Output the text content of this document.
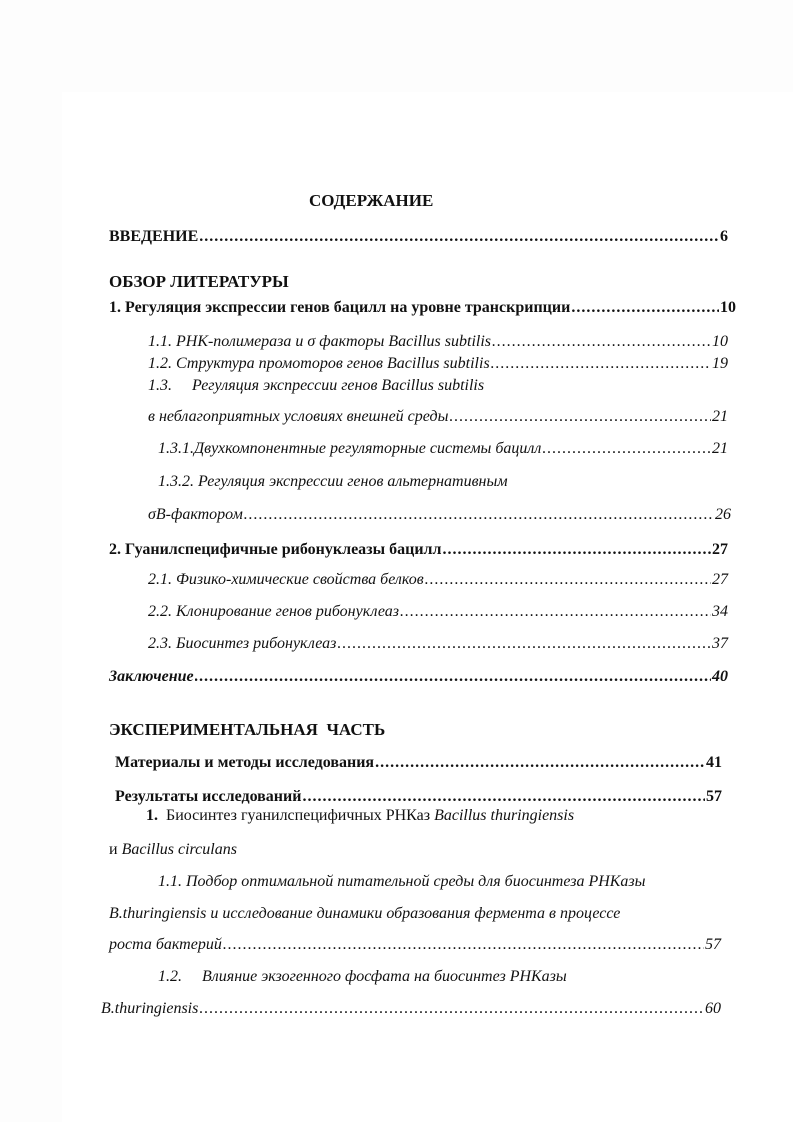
СОДЕРЖАНИЕ
ВВЕДЕНИЕ .....	6
ОБЗОР ЛИТЕРАТУРЫ
1. Регуляция экспрессии генов бацилл на уровне транскрипции .....	10
1.1. РНК-полимераза и σ факторы Bacillus subtilis .....	10
1.2. Структура промоторов генов Bacillus subtilis .....	19
1.3.     Регуляция экспрессии генов Bacillus subtilis
в неблагоприятных условиях внешней среды .....	21
1.3.1.Двухкомпонентные регуляторные системы бацилл .....	21
1.3.2. Регуляция экспрессии генов альтернативным
σB-фактором .....	26
2. Гуанилспецифичные рибонуклеазы бацилл .....	27
2.1. Физико-химические свойства белков .....	27
2.2. Клонирование генов рибонуклеаз .....	34
2.3. Биосинтез рибонуклеаз .....	37
Заключение .....	40
ЭКСПЕРИМЕНТАЛЬНАЯ  ЧАСТЬ
Материалы и методы исследования .....	41
Результаты исследований .....	57
1. Биосинтез гуанилспецифичных РНКаз Bacillus thuringiensis
и Bacillus circulans
1.1. Подбор оптимальной питательной среды для биосинтеза РНКазы
B.thuringiensis и исследование динамики образования фермента в процессе
роста бактерий .....	57
1.2.     Влияние экзогенного фосфата на биосинтез РНКазы
B.thuringiensis .....	60
